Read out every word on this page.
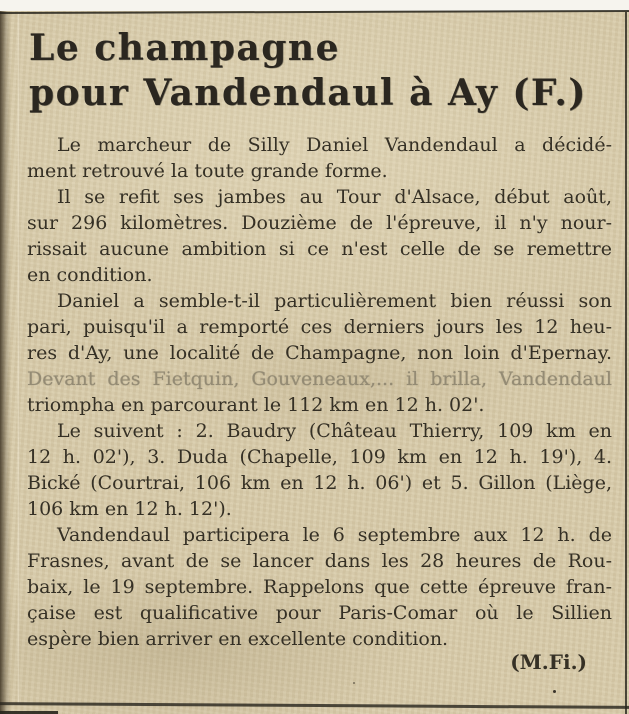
Le champagne
pour Vandendaul à Ay (F.)
Le marcheur de Silly Daniel Vandendaul a décidé-
ment retrouvé la toute grande forme.
Il se refit ses jambes au Tour d'Alsace, début août,
sur 296 kilomètres. Douzième de l'épreuve, il n'y nour-
rissait aucune ambition si ce n'est celle de se remettre
en condition.
Daniel a semble-t-il particulièrement bien réussi son
pari, puisqu'il a remporté ces derniers jours les 12 heu-
res d'Ay, une localité de Champagne, non loin d'Epernay.
Devant des Fietquin, Gouveneaux,... il brilla, Vandendaul
triompha en parcourant le 112 km en 12 h. 02'.
Le suivent : 2. Baudry (Château Thierry, 109 km en
12 h. 02'), 3. Duda (Chapelle, 109 km en 12 h. 19'), 4.
Bické (Courtrai, 106 km en 12 h. 06') et 5. Gillon (Liège,
106 km en 12 h. 12').
Vandendaul participera le 6 septembre aux 12 h. de
Frasnes, avant de se lancer dans les 28 heures de Rou-
baix, le 19 septembre. Rappelons que cette épreuve fran-
çaise est qualificative pour Paris-Comar où le Sillien
espère bien arriver en excellente condition.
(M.Fi.)
